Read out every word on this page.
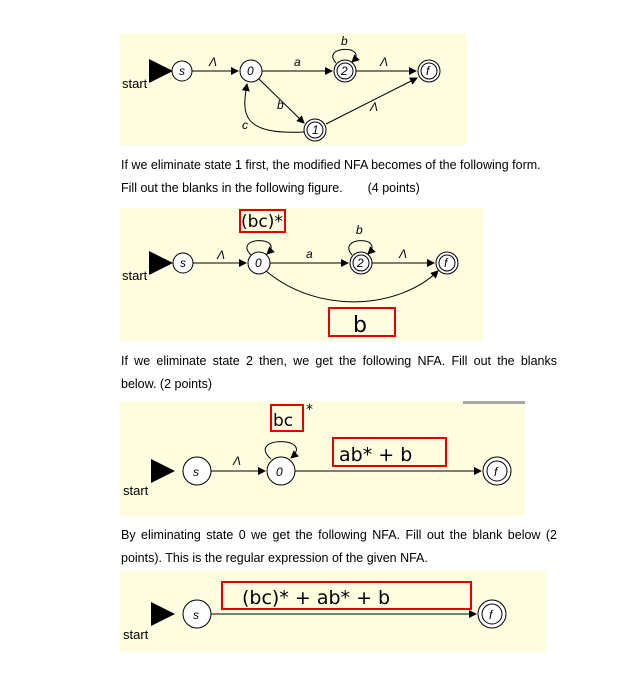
start
s	0	2	f
1
Λ	a	Λ
b
b
c
Λ
If we eliminate state 1 first, the modified NFA becomes of the following form.
Fill out the blanks in the following figure. (4 points)
start
s	0	2	f
Λ	a	Λ
b
(bc)*
b
If we eliminate state 2 then, we get the following NFA. Fill out the blanks below. (2 points)
start
s	0	f
Λ
bc
*
ab* + b
By eliminating state 0 we get the following NFA. Fill out the blank below (2 points). This is the regular expression of the given NFA.
start
s	f
(bc)* + ab* + b
